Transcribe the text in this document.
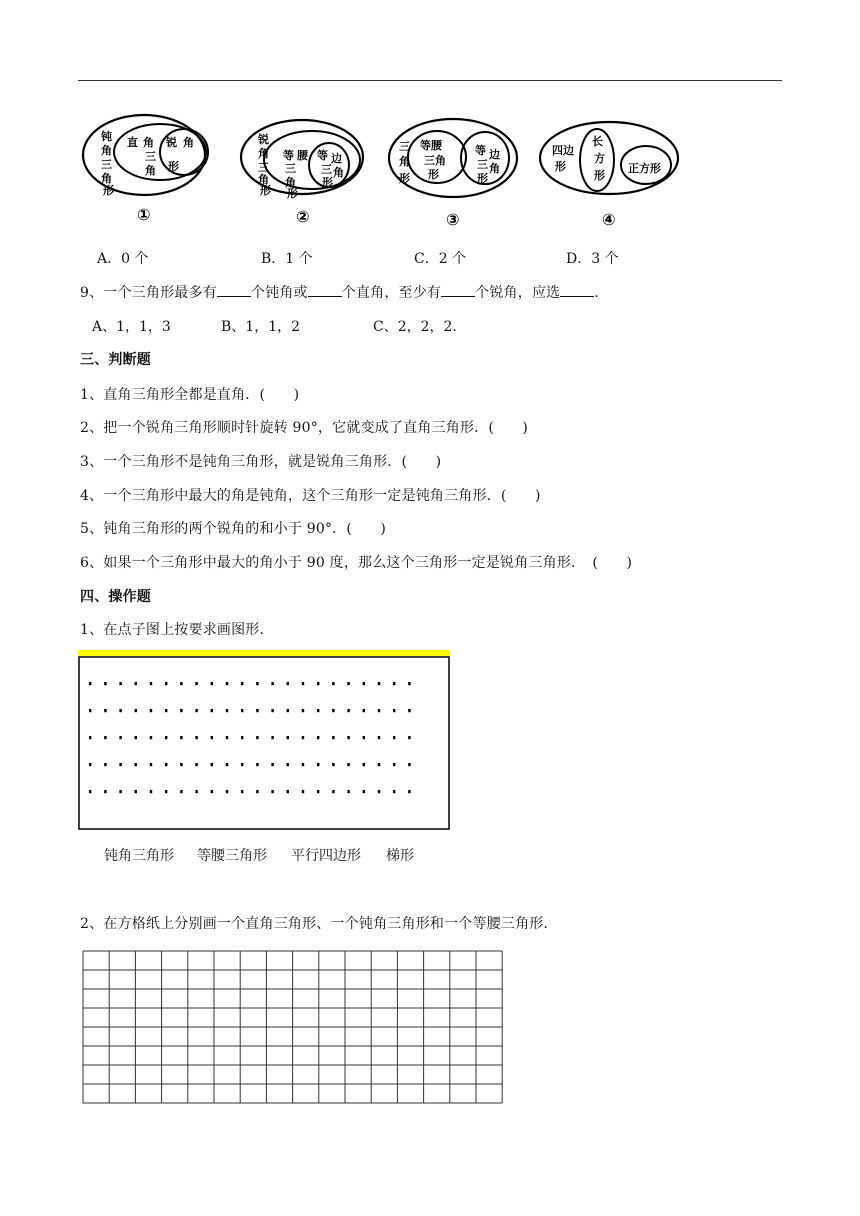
钝
角
三
角
形
直 角 锐 角
三
角 形
①
锐
角
三
角
形
等 腰
三
角
形
等 边
三 角
形
②
三
角
形
等腰
三角
形
等 边
三 角
形
③
四边
形
长
方
形
正方形
④
A．0 个	B．1 个	C．2 个	D．3 个
9、一个三角形最多有 个钝角或 个直角，至少有 个锐角，应选 ．
A、1，1，3	B、1，1，2	C、2，2，2．
三、判断题
1、直角三角形全都是直角．(　　)
2、把一个锐角三角形顺时针旋转 90°，它就变成了直角三角形．(　　)
3、一个三角形不是钝角三角形，就是锐角三角形．(　　)
4、一个三角形中最大的角是钝角，这个三角形一定是钝角三角形．(　　)
5、钝角三角形的两个锐角的和小于 90°．(　　)
6、如果一个三角形中最大的角小于 90 度，那么这个三角形一定是锐角三角形．　(　　)
四、操作题
1、在点子图上按要求画图形．
钝角三角形 等腰三角形 平行四边形 梯形
2、在方格纸上分别画一个直角三角形、一个钝角三角形和一个等腰三角形．
